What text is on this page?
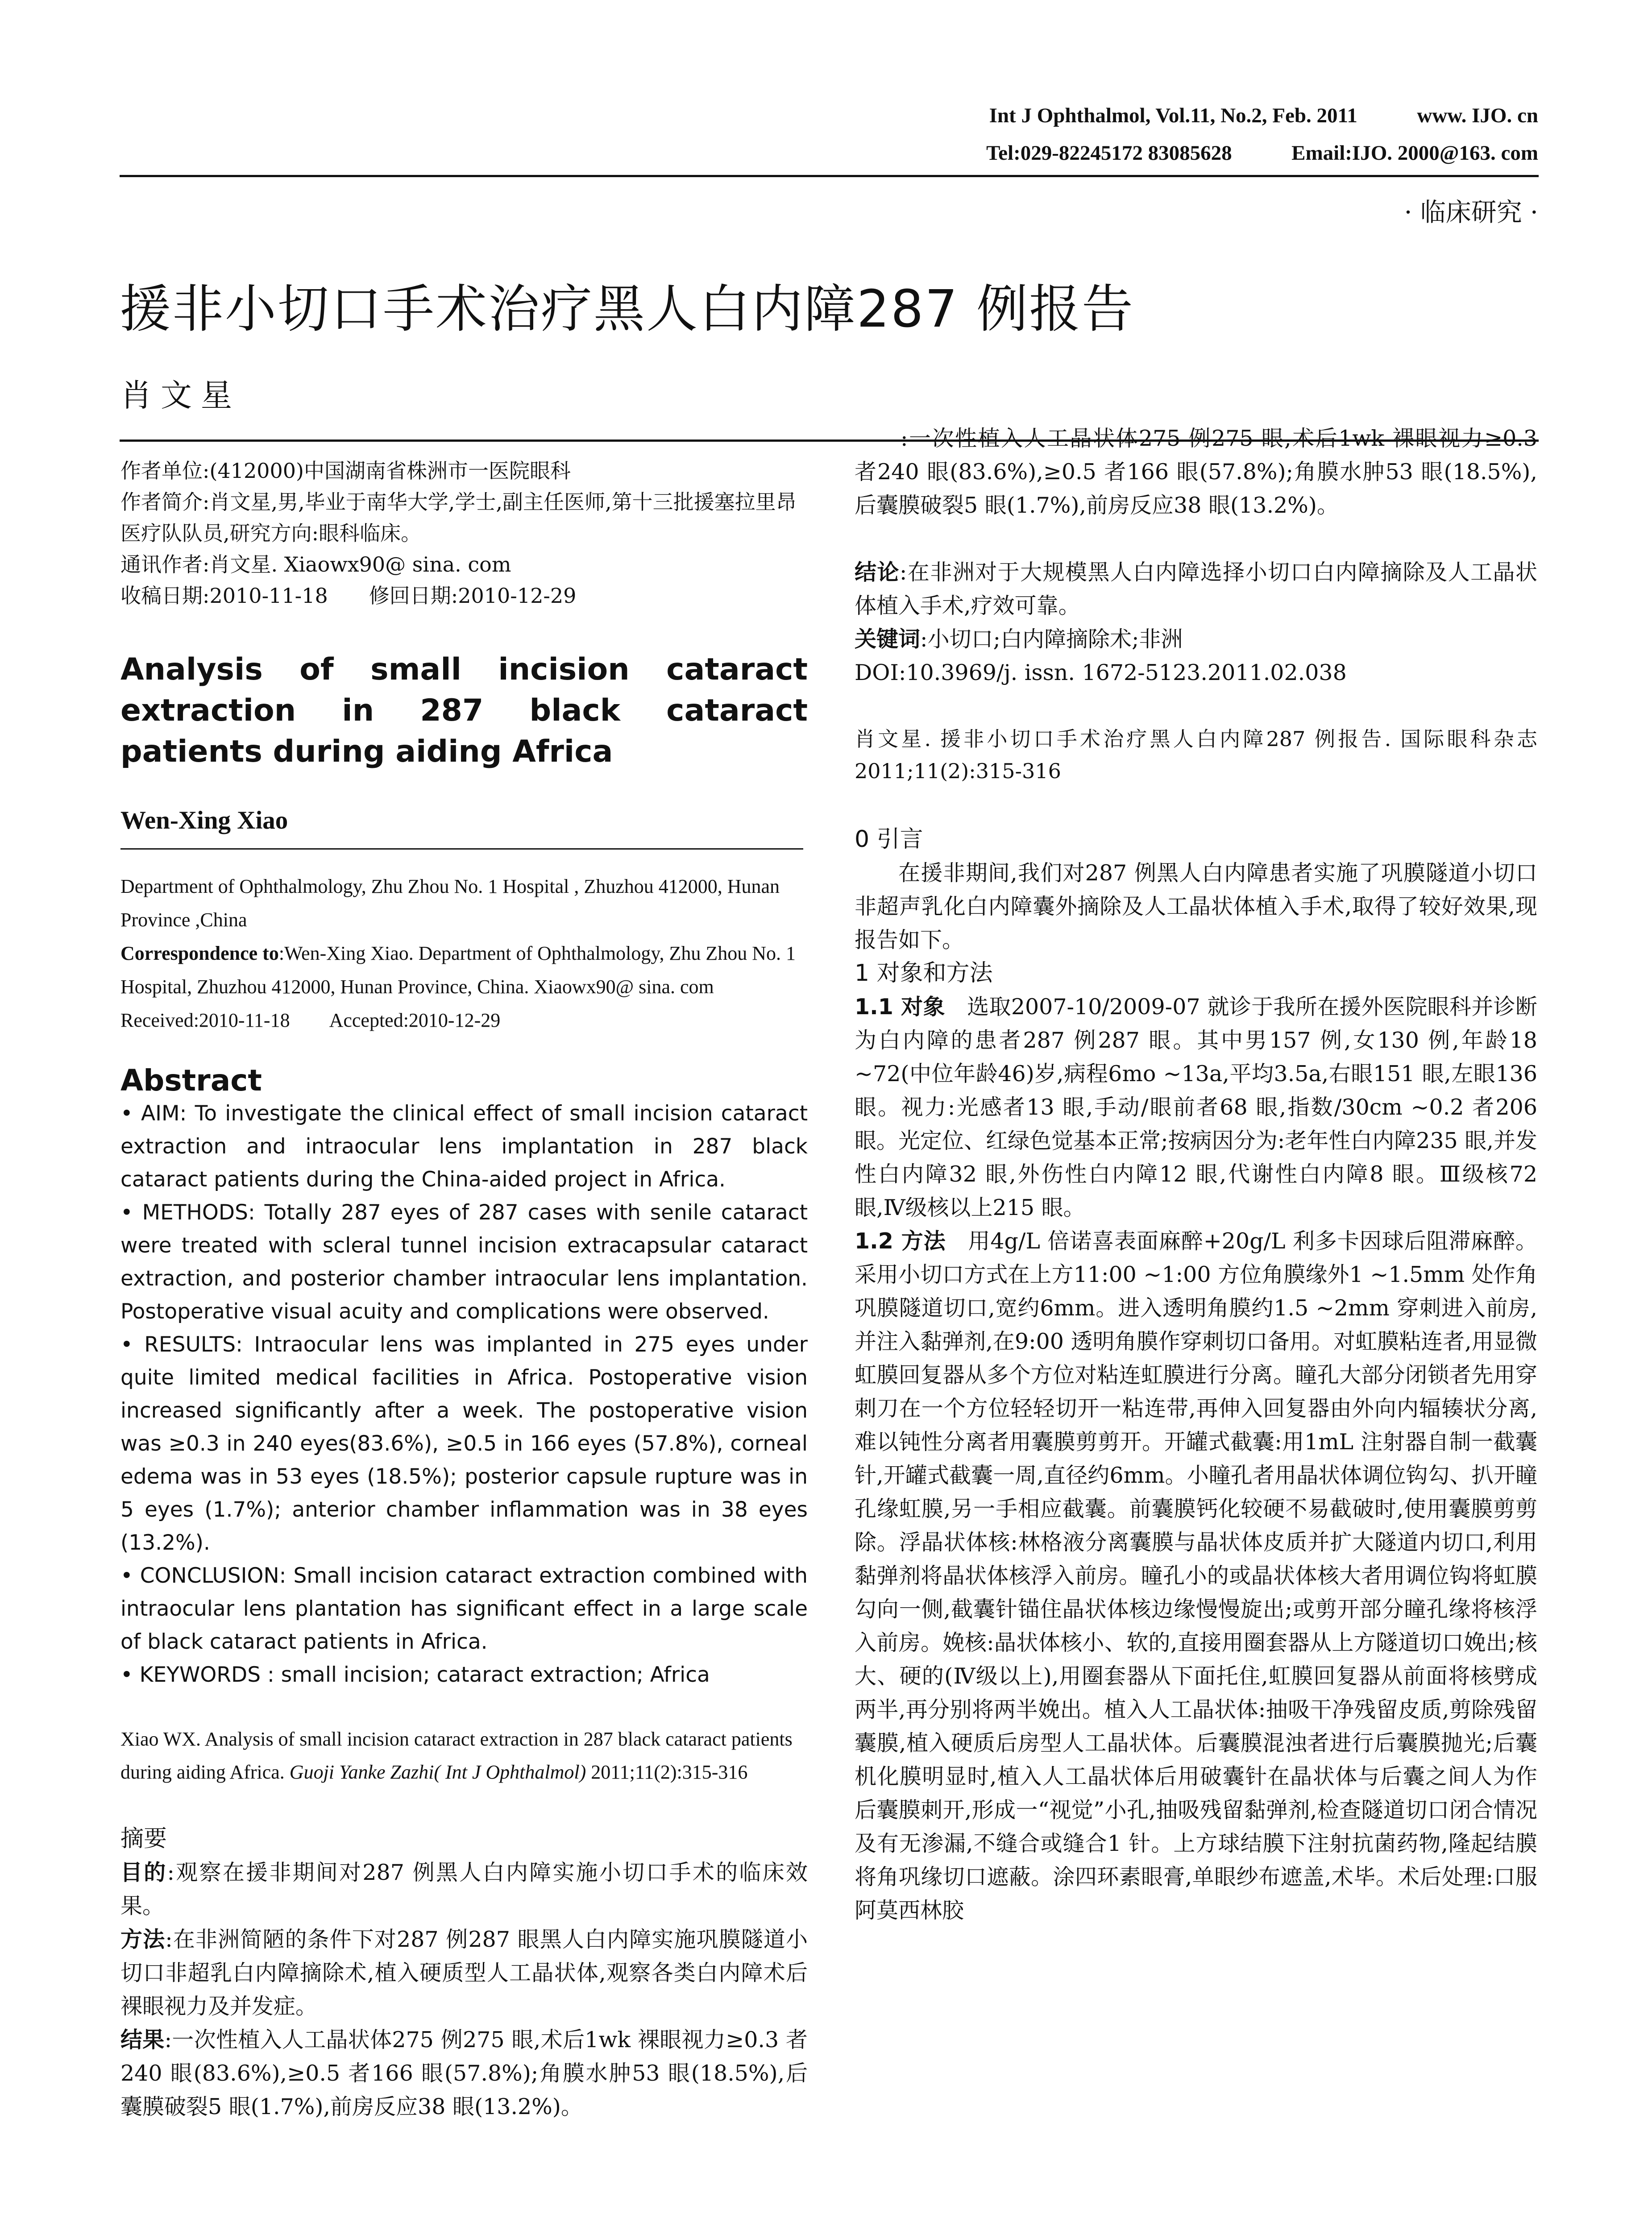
Int J Ophthalmol, Vol.11, No.2, Feb. 2011	www. IJO. cn
Tel:029-82245172 83085628	Email:IJO. 2000@163. com
· 临床研究 ·
援非小切口手术治疗黑人白内障287 例报告
肖文星

作者单位:(412000)中国湖南省株洲市一医院眼科

作者简介:肖文星,男,毕业于南华大学,学士,副主任医师,第十三批援塞拉里昂医疗队队员,研究方向:眼科临床。

通讯作者:肖文星. Xiaowx90@ sina. com

收稿日期:2010-11-18　　修回日期:2010-12-29

Analysis of small incision cataract extraction in 287 black cataract patients during aiding Africa

Wen-Xing Xiao

Department of Ophthalmology, Zhu Zhou No. 1 Hospital , Zhuzhou 412000, Hunan Province ,China

Correspondence to:Wen-Xing Xiao. Department of Ophthalmology, Zhu Zhou No. 1 Hospital, Zhuzhou 412000, Hunan Province, China. Xiaowx90@ sina. com

Received:2010-11-18　　Accepted:2010-12-29

Abstract

• AIM: To investigate the clinical effect of small incision cataract extraction and intraocular lens implantation in 287 black cataract patients during the China-aided project in Africa.

• METHODS: Totally 287 eyes of 287 cases with senile cataract were treated with scleral tunnel incision extracapsular cataract extraction, and posterior chamber intraocular lens implantation. Postoperative visual acuity and complications were observed.

• RESULTS: Intraocular lens was implanted in 275 eyes under quite limited medical facilities in Africa. Postoperative vision increased significantly after a week. The postoperative vision was ≥0.3 in 240 eyes(83.6%), ≥0.5 in 166 eyes (57.8%), corneal edema was in 53 eyes (18.5%); posterior capsule rupture was in 5 eyes (1.7%); anterior chamber inflammation was in 38 eyes (13.2%).

• CONCLUSION: Small incision cataract extraction combined with intraocular lens plantation has significant effect in a large scale of black cataract patients in Africa.

• KEYWORDS : small incision; cataract extraction; Africa

Xiao WX. Analysis of small incision cataract extraction in 287 black cataract patients during aiding Africa. Guoji Yanke Zazhi( Int J Ophthalmol) 2011;11(2):315-316

摘要

目的:观察在援非期间对287 例黑人白内障实施小切口手术的临床效果。

方法:在非洲简陋的条件下对287 例287 眼黑人白内障实施巩膜隧道小切口非超乳白内障摘除术,植入硬质型人工晶状体,观察各类白内障术后裸眼视力及并发症。

结果:一次性植入人工晶状体275 例275 眼,术后1wk 裸眼视力≥0.3 者240 眼(83.6%),≥0.5 者166 眼(57.8%);角膜水肿53 眼(18.5%),后囊膜破裂5 眼(1.7%),前房反应38 眼(13.2%)。

:一次性植入人工晶状体275 例275 眼,术后1wk 裸眼视力≥0.3 者240 眼(83.6%),≥0.5 者166 眼(57.8%);角膜水肿53 眼(18.5%),后囊膜破裂5 眼(1.7%),前房反应38 眼(13.2%)。

结论:在非洲对于大规模黑人白内障选择小切口白内障摘除及人工晶状体植入手术,疗效可靠。

关键词:小切口;白内障摘除术;非洲

DOI:10.3969/j. issn. 1672-5123.2011.02.038

肖文星. 援非小切口手术治疗黑人白内障287 例报告. 国际眼科杂志2011;11(2):315-316

0 引言

在援非期间,我们对287 例黑人白内障患者实施了巩膜隧道小切口非超声乳化白内障囊外摘除及人工晶状体植入手术,取得了较好效果,现报告如下。

1 对象和方法

1.1 对象　选取2007-10/2009-07 就诊于我所在援外医院眼科并诊断为白内障的患者287 例287 眼。其中男157 例,女130 例,年龄18 ~72(中位年龄46)岁,病程6mo ~13a,平均3.5a,右眼151 眼,左眼136 眼。视力:光感者13 眼,手动/眼前者68 眼,指数/30cm ~0.2 者206 眼。光定位、红绿色觉基本正常;按病因分为:老年性白内障235 眼,并发性白内障32 眼,外伤性白内障12 眼,代谢性白内障8 眼。Ⅲ级核72 眼,Ⅳ级核以上215 眼。

1.2 方法　用4g/L 倍诺喜表面麻醉+20g/L 利多卡因球后阻滞麻醉。采用小切口方式在上方11:00 ~1:00 方位角膜缘外1 ~1.5mm 处作角巩膜隧道切口,宽约6mm。进入透明角膜约1.5 ~2mm 穿刺进入前房,并注入黏弹剂,在9:00 透明角膜作穿刺切口备用。对虹膜粘连者,用显微虹膜回复器从多个方位对粘连虹膜进行分离。瞳孔大部分闭锁者先用穿刺刀在一个方位轻轻切开一粘连带,再伸入回复器由外向内辐辏状分离,难以钝性分离者用囊膜剪剪开。开罐式截囊:用1mL 注射器自制一截囊针,开罐式截囊一周,直径约6mm。小瞳孔者用晶状体调位钩勾、扒开瞳孔缘虹膜,另一手相应截囊。前囊膜钙化较硬不易截破时,使用囊膜剪剪除。浮晶状体核:林格液分离囊膜与晶状体皮质并扩大隧道内切口,利用黏弹剂将晶状体核浮入前房。瞳孔小的或晶状体核大者用调位钩将虹膜勾向一侧,截囊针锚住晶状体核边缘慢慢旋出;或剪开部分瞳孔缘将核浮入前房。娩核:晶状体核小、软的,直接用圈套器从上方隧道切口娩出;核大、硬的(Ⅳ级以上),用圈套器从下面托住,虹膜回复器从前面将核劈成两半,再分别将两半娩出。植入人工晶状体:抽吸干净残留皮质,剪除残留囊膜,植入硬质后房型人工晶状体。后囊膜混浊者进行后囊膜抛光;后囊机化膜明显时,植入人工晶状体后用破囊针在晶状体与后囊之间人为作后囊膜刺开,形成一“视觉”小孔,抽吸残留黏弹剂,检查隧道切口闭合情况及有无渗漏,不缝合或缝合1 针。上方球结膜下注射抗菌药物,隆起结膜将角巩缘切口遮蔽。涂四环素眼膏,单眼纱布遮盖,术毕。术后处理:口服阿莫西林胶
